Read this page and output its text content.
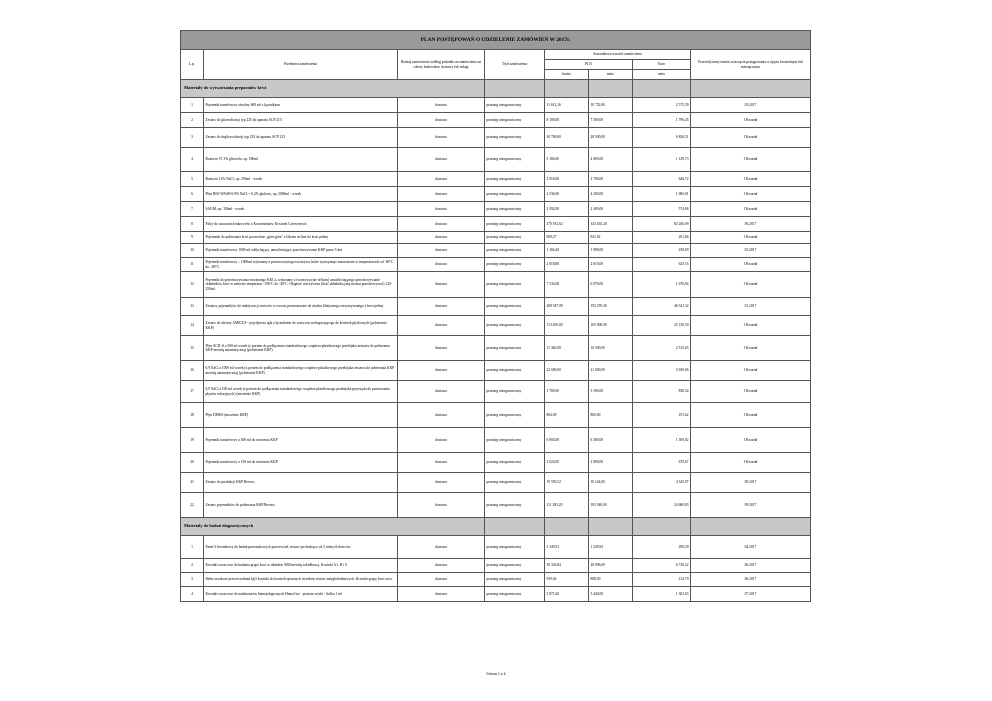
PLAN POSTĘPOWAŃ O UDZIELENIE ZAMÓWIEŃ W 2017r.							
L.p.	Przedmiot zamówienia	Rodzaj zamówienia według podziału na zamówienia na roboty budowlane, dostawy lub usługi	Tryb zamówienia	Szacunkowa wartość zamówienia			Przewidywany termin wszczęcia postępowania w ujęciu kwartalnym lub miesięcznym
				PLN		Euro	
				brutto	netto	netto	
Materiały do wytwarzania preparatów krwi							
1	Pojemnik transferowy sterylny 600 ml z łącznikiem	dostawa	przetarg nieograniczony	11 612,16	10 752,00	2 575,39	03.2017
2	Zestaw do glicerolizacji typ 225 do aparatu ACP 215	dostawa	przetarg nieograniczony	8 100,00	7 500,00	1 796,45	I Kwartał
3	Zestaw do deglicerolizacji typ 235 do aparatu ACP 215	dostawa	przetarg nieograniczony	30 780,00	28 500,00	6 826,51	I Kwartał
4	Roztwór 57,1% glicerolu, op. 500ml	dostawa	przetarg nieograniczony	5 184,00	4 800,00	1 149,73	I Kwartał
5	Roztwór 12% NaCl, op. 250ml - worek	dostawa	przetarg nieograniczony	2 916,00	2 700,00	646,72	I Kwartał
6	Płyn BIO-WASH 0,9% NaCl + 0,2% glukozy, op. 2000ml - worek	dostawa	przetarg nieograniczony	4 536,00	4 200,00	1 006,01	I Kwartał
7	SAGM, op. 350ml - worek	dostawa	przetarg nieograniczony	2 592,00	2 400,00	574,86	I Kwartał
8	Filtry do usuwania leukocytów z Koncentratów Krwinek Czerwonych	dostawa	przetarg nieograniczony	370 931,62	343 455,20	82 266,09	06.2017
9	Pojemniki do pobierania krwi poczwórne „góra-góra" z filtrem in-line do krwi pełnej	dostawa	przetarg nieograniczony	909,27	841,92	201,66	I Kwartał
10	Pojemnik transferowy 1000 ml oddychający, umożliwiający przechowywanie KKP przez 5 dni.	dostawa	przetarg nieograniczony	1 166,40	1 080,00	258,69	03.2017
11	Pojemnik transferowy – 1000ml wykonany z przezroczystego tworzywa, które wytrzymuje zamrożenie w temperaturach od -60°C do –80°C.	dostawa	przetarg nieograniczony	2 818,80	2 610,00	625,16	I Kwartał
12	Pojemnik do przechowywania mrożonego KKCz, wykonany z tworzywa (nie teflonu) umożliwiającego przechowywanie składników krwi w zakresie temperatur -196°C do -40°C. Objętość rzeczywista (ilość składnika jaką można przechowywać) 120-250ml.	dostawa	przetarg nieograniczony	7 534,08	6 976,00	1 670,94	I Kwartał
13	Zestawy pojemników do inaktywacji wirusów w osoczu przeznaczone do użytku klinicznego otrzymywanego z krwi pełnej	dostawa	przetarg nieograniczony	208 947,99	193 470,36	46 341,32	01.2017
14	Zestaw do aferezy AMICUS - pojedyncza igła z łącznikiem do roztworu wzbogacającego do krwinek płytkowych (pobieranie KKP)	dostawa	przetarg nieograniczony	113 400,00	105 000,00	25 150,30	I Kwartał
15	Płyn ACD-A a 500 ml worek (z portem do podłączenia standardowego couplera-plastikowego przebijaka zestawu do pobierania KKP metodą automatyczną) (pobieranie KKP)	dostawa	przetarg nieograniczony	11 340,00	10 500,00	2 515,03	I Kwartał
16	0,9 NaCl a 1000 ml worek (z portem do podłączenia standardowego couplera-plastikowego przebijaka zestawu do pobierania KKP metodą automatyczną) (pobieranie KKP)	dostawa	przetarg nieograniczony	22 680,00	21 000,00	5 030,06	I Kwartał
17	0,9 NaCl a 100 ml worek (z portem do podłączenia standardowego couplera-plastikowego przebijaka przyrządu do przetaczania płynów infuzyjnych) (mrożenie KKP)	dostawa	przetarg nieograniczony	3 780,00	3 500,00	838,34	I Kwartał
18	Płyn DMSO (mrożenie KKP)	dostawa	przetarg nieograniczony	864,00	800,00	191,62	I Kwartał
19	Pojemnik transferowy a 300 ml do mrożenia KKP	dostawa	przetarg nieograniczony	6 804,00	6 300,00	1 509,02	I Kwartał
20	Pojemnik transferowy a 150 ml do mrożenia KKP	dostawa	przetarg nieograniczony	3 024,00	2 800,00	670,67	I Kwartał
21	Zestaw do produkcji KKP Reveos	dostawa	przetarg nieograniczony	19 595,52	18 144,00	4 345,97	09.2017
22	Zestaw pojemników do pobierania KKP Reveos	dostawa	przetarg nieograniczony	111 283,20	103 040,00	24 680,83	09.2017
Materiały do badań diagnostycznych							
1	Panel 3 krwinkowy do badań przeszukowych przeciwciał, zestaw pochodzący od 3 różnych dawców.	dostawa	przetarg nieograniczony	1 349,91	1 249,92	299,39	04.2017
2	Krwinki wzorcowe do badania grupy krwi w układzie AB0 metodą szkiełkową. Krwinki A1, B i 0.	dostawa	przetarg nieograniczony	30 343,84	28 096,00	6 730,22	06.2017
3	Słabo uczulone przeciwciałami IgG krwinki do kontroli ujemnych wyników testów antyglobulinowych. Krwinki grupy krwi zero.	dostawa	przetarg nieograniczony	959,04	888,00	212,70	06.2017
4	Krwinki wzorcowe do analizatorów hematologicznych HemoCue - poziom wyski - fiolka 1 ml	dostawa	przetarg nieograniczony	5 875,20	5 440,00	1 303,03	07.2017
Strona 1 z 6
